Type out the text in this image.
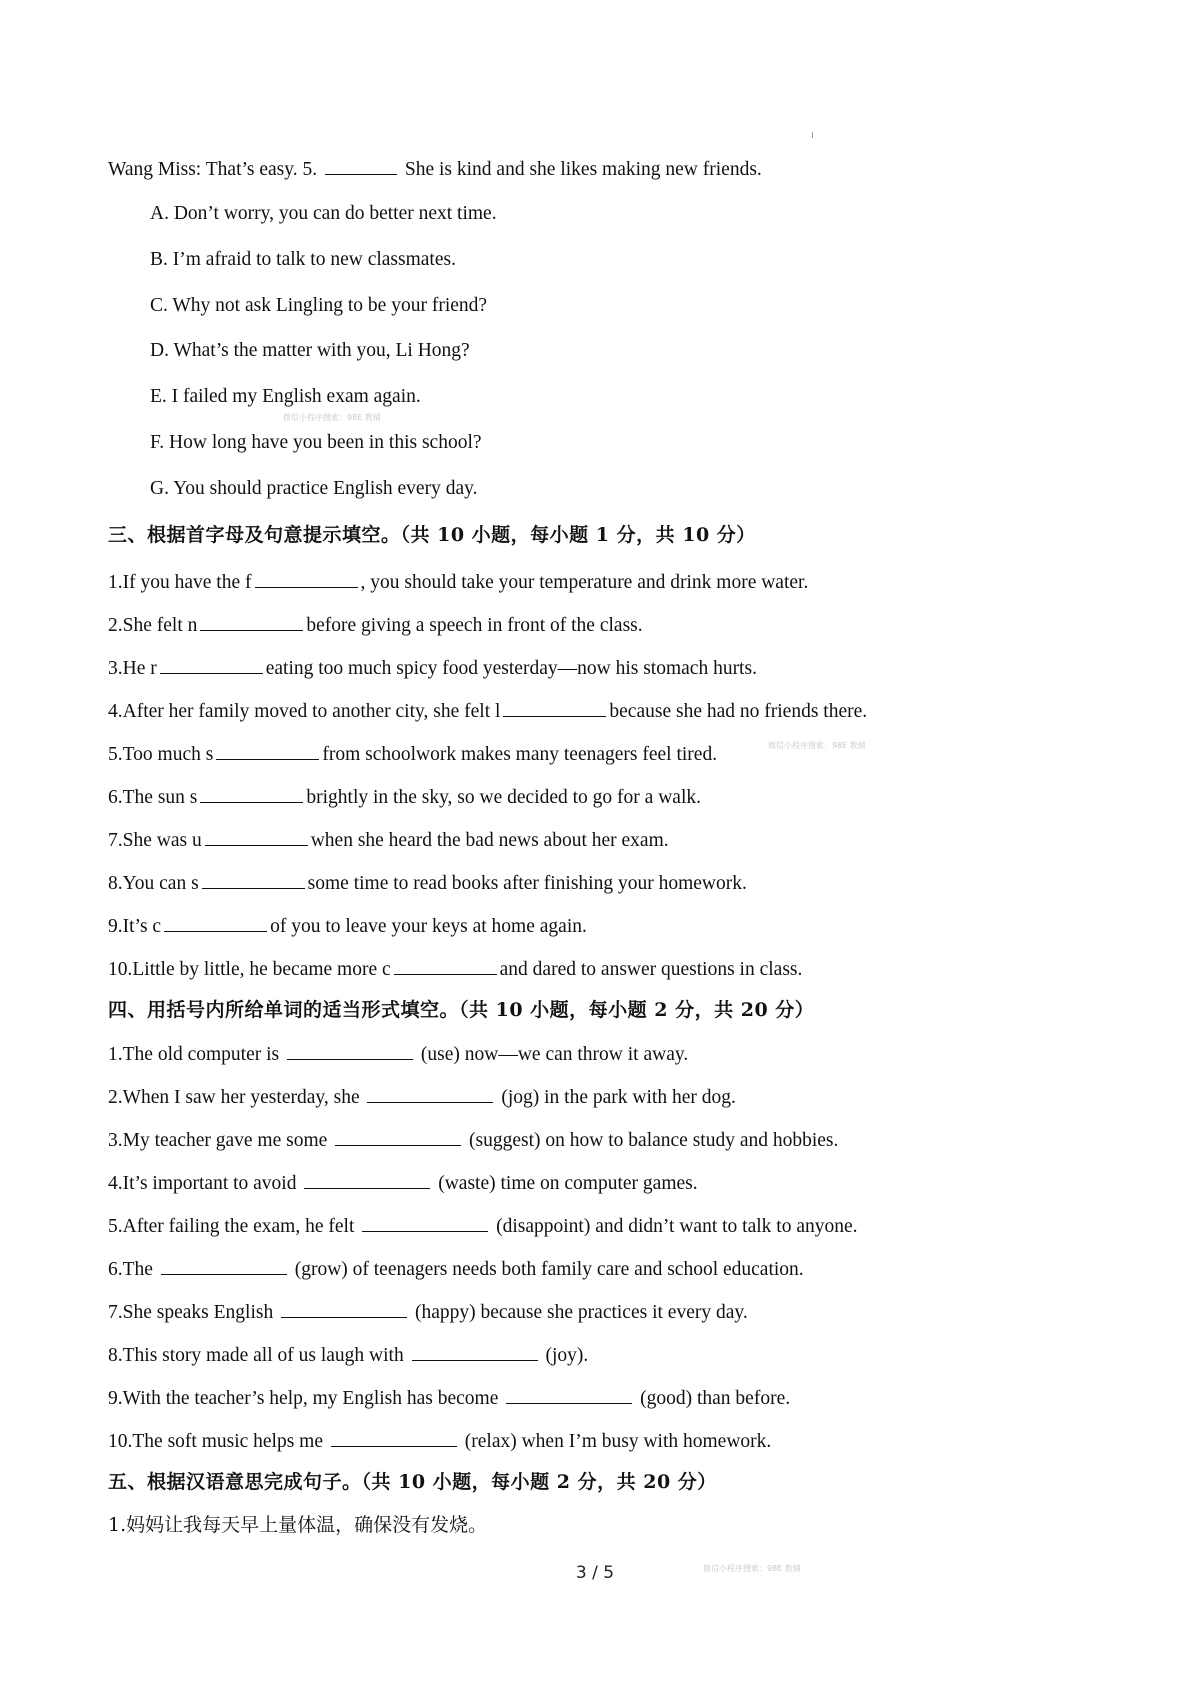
Wang Miss: That’s easy. 5.	She is kind and she likes making new friends.
A. Don’t worry, you can do better next time.
B. I’m afraid to talk to new classmates.
C. Why not ask Lingling to be your friend?
D. What’s the matter with you, Li Hong?
E. I failed my English exam again.
F. How long have you been in this school?
G. You should practice English every day.
三、根据首字母及句意提示填空。（共 10 小题，每小题 1 分，共 10 分）
1.If you have the f	, you should take your temperature and drink more water.
2.She felt n	before giving a speech in front of the class.
3.He r	eating too much spicy food yesterday—now his stomach hurts.
4.After her family moved to another city, she felt l	because she had no friends there.
5.Too much s	from schoolwork makes many teenagers feel tired.
6.The sun s	brightly in the sky, so we decided to go for a walk.
7.She was u	when she heard the bad news about her exam.
8.You can s	some time to read books after finishing your homework.
9.It’s c	of you to leave your keys at home again.
10.Little by little, he became more c	and dared to answer questions in class.
四、用括号内所给单词的适当形式填空。（共 10 小题，每小题 2 分，共 20 分）
1.The old computer is	(use) now—we can throw it away.
2.When I saw her yesterday, she	(jog) in the park with her dog.
3.My teacher gave me some	(suggest) on how to balance study and hobbies.
4.It’s important to avoid	(waste) time on computer games.
5.After failing the exam, he felt	(disappoint) and didn’t want to talk to anyone.
6.The	(grow) of teenagers needs both family care and school education.
7.She speaks English	(happy) because she practices it every day.
8.This story made all of us laugh with	(joy).
9.With the teacher’s help, my English has become	(good) than before.
10.The soft music helps me	(relax) when I’m busy with homework.
五、根据汉语意思完成句子。（共 10 小题，每小题 2 分，共 20 分）
1.妈妈让我每天早上量体温，确保没有发烧。
微信小程序搜索：98E 教辅
微信小程序搜索：98E 教辅
微信小程序搜索：98E 教辅
3 / 5
